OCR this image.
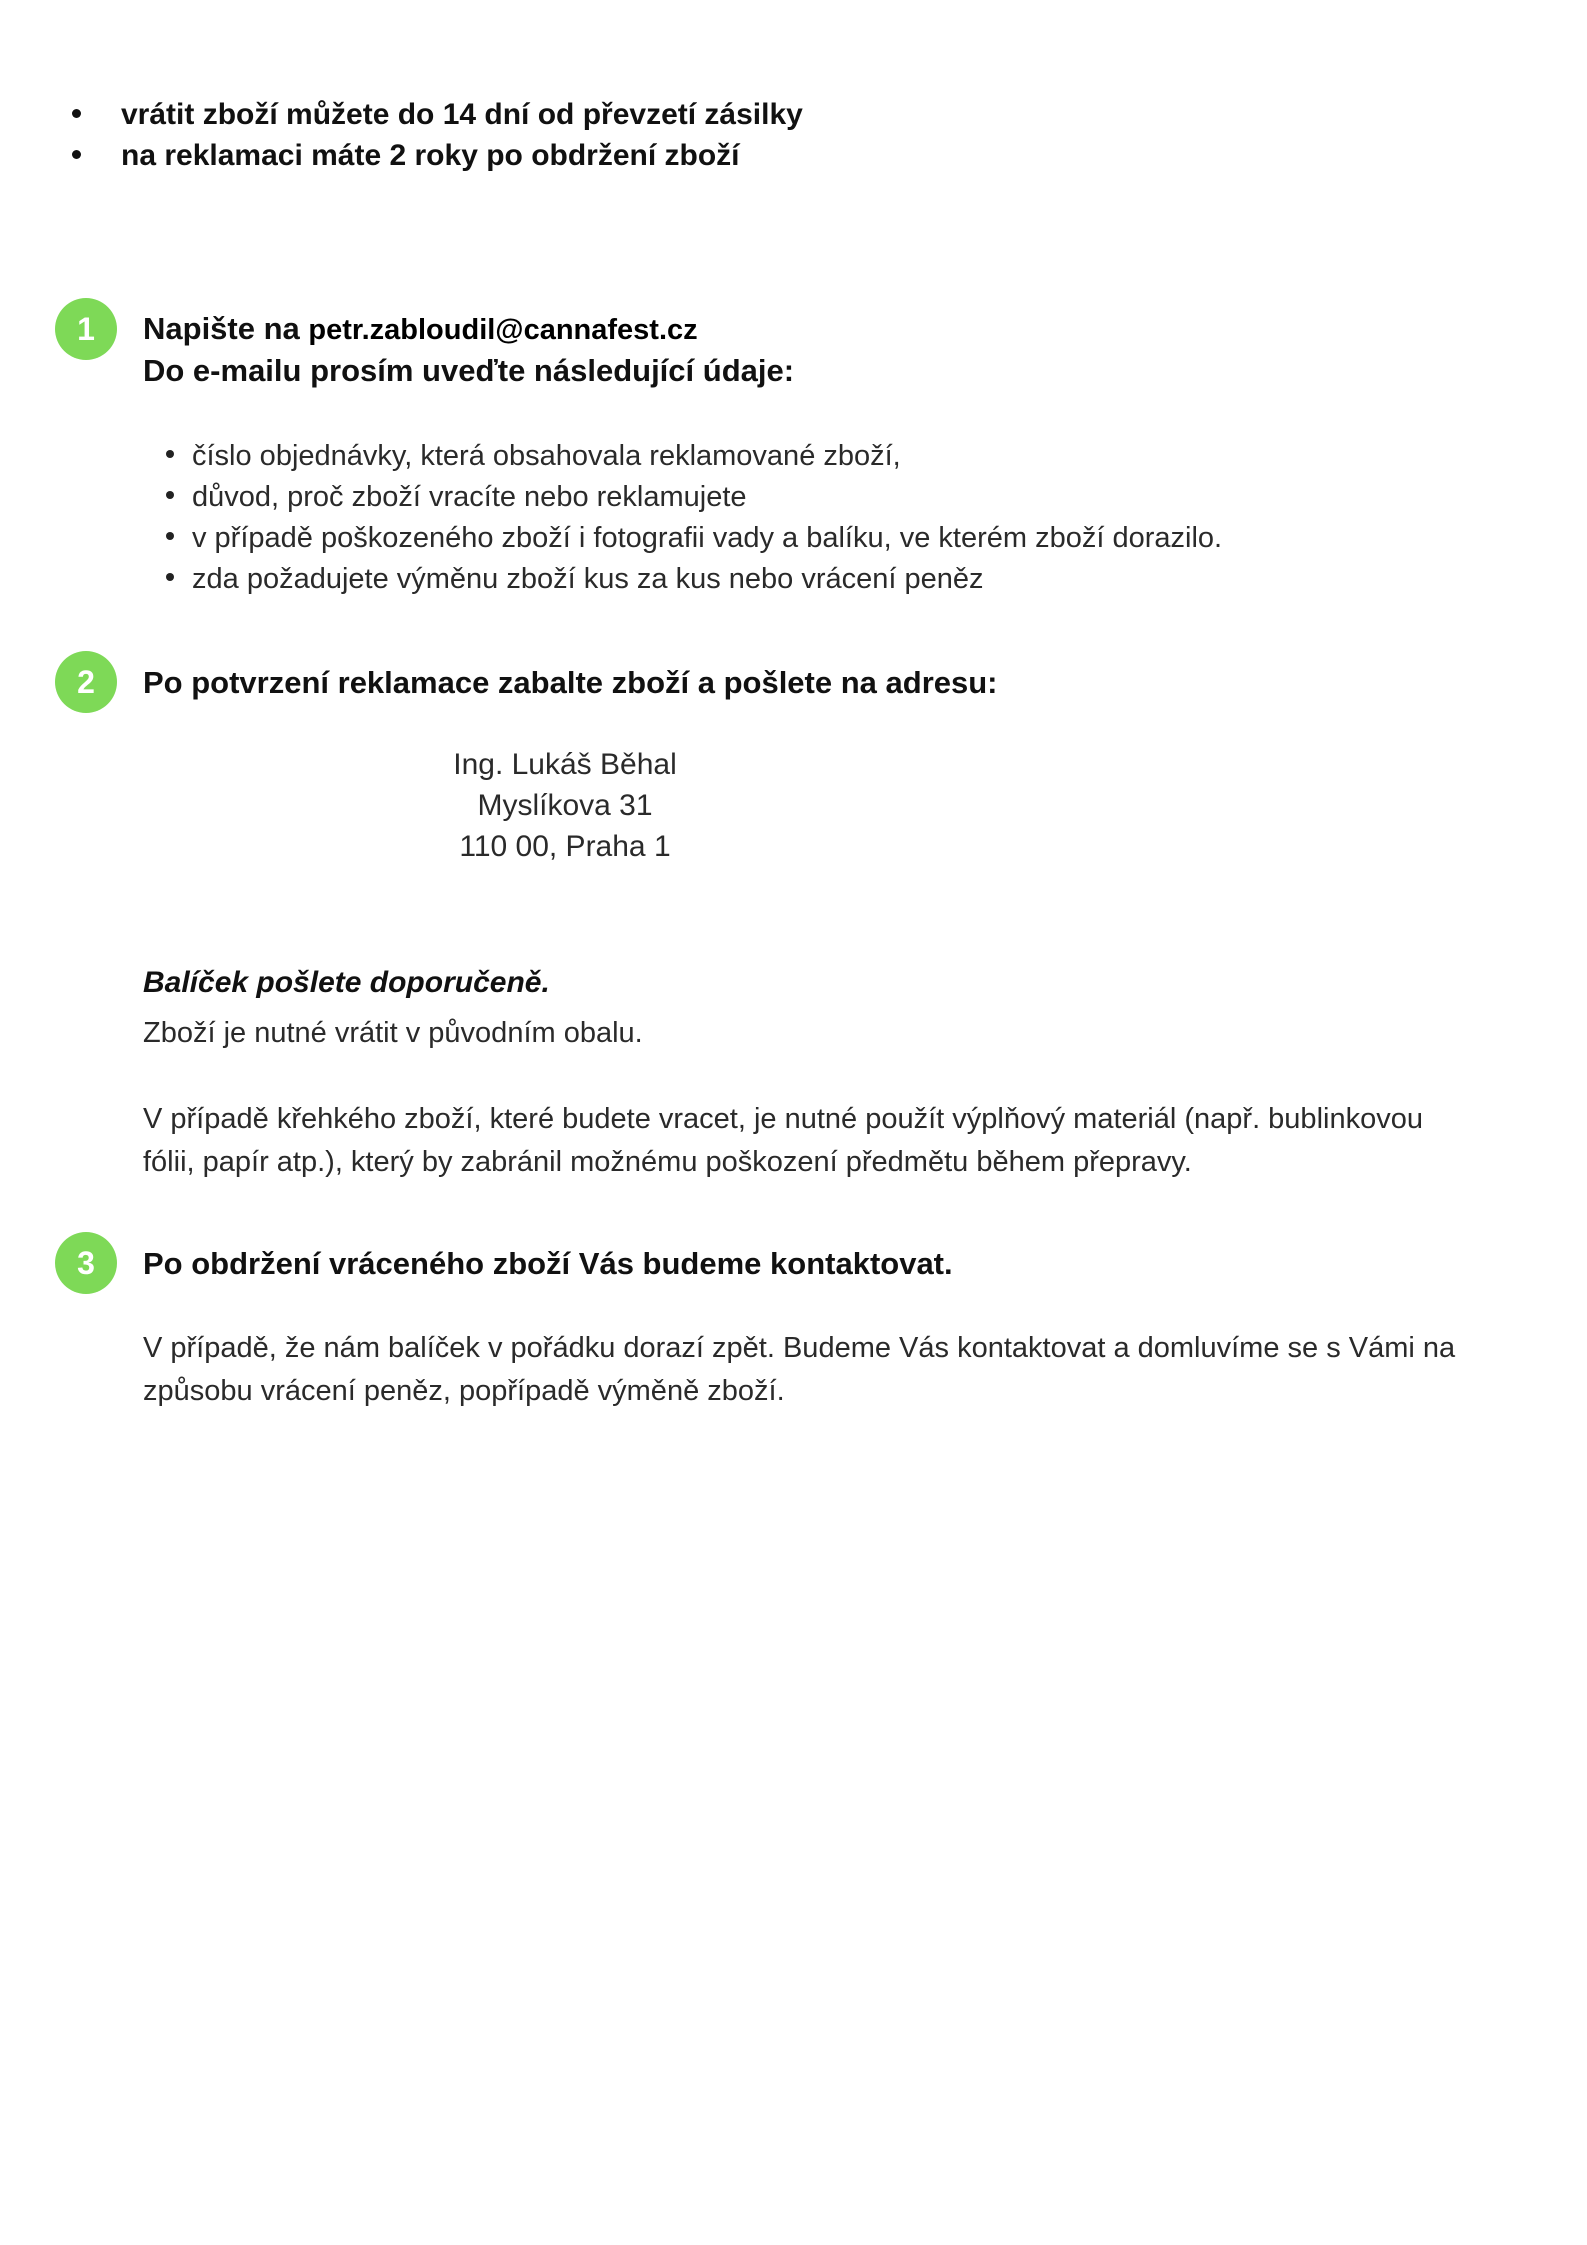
vrátit zboží můžete do 14 dní od převzetí zásilky
na reklamaci máte 2 roky po obdržení zboží
1	Napište na petr.zabloudil@cannafest.cz
Do e-mailu prosím uveďte následující údaje:
číslo objednávky, která obsahovala reklamované zboží,
důvod, proč zboží vracíte nebo reklamujete
v případě poškozeného zboží i fotografii vady a balíku, ve kterém zboží dorazilo.
zda požadujete výměnu zboží kus za kus nebo vrácení peněz
2	Po potvrzení reklamace zabalte zboží a pošlete na adresu:
Ing. Lukáš Běhal
Myslíkova 31
110 00, Praha 1
Balíček pošlete doporučeně.
Zboží je nutné vrátit v původním obalu.
V případě křehkého zboží, které budete vracet, je nutné použít výplňový materiál (např. bublinkovou
fólii, papír atp.), který by zabránil možnému poškození předmětu během přepravy.
3	Po obdržení vráceného zboží Vás budeme kontaktovat.
V případě, že nám balíček v pořádku dorazí zpět. Budeme Vás kontaktovat a domluvíme se s Vámi na
způsobu vrácení peněz, popřípadě výměně zboží.
